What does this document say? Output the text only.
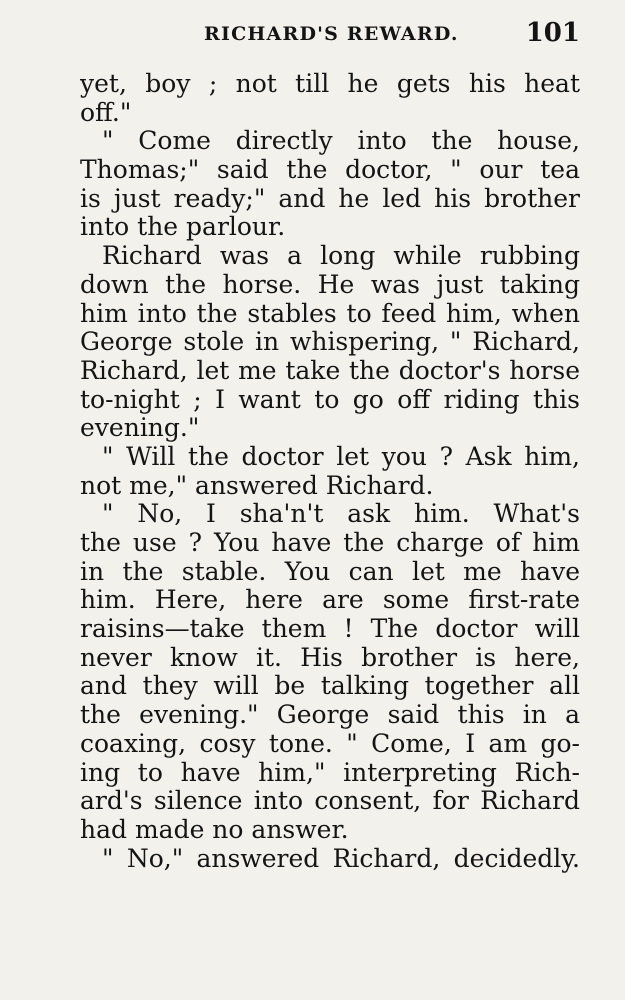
RICHARD'S REWARD.	101
yet, boy ; not till he gets his heat
off."
" Come directly into the house,
Thomas;" said the doctor, " our tea
is just ready;" and he led his brother
into the parlour.
Richard was a long while rubbing
down the horse. He was just taking
him into the stables to feed him, when
George stole in whispering, " Richard,
Richard, let me take the doctor's horse
to-night ; I want to go off riding this
evening."
" Will the doctor let you ? Ask him,
not me," answered Richard.
" No, I sha'n't ask him. What's
the use ? You have the charge of him
in the stable. You can let me have
him. Here, here are some first-rate
raisins—take them ! The doctor will
never know it. His brother is here,
and they will be talking together all
the evening." George said this in a
coaxing, cosy tone. " Come, I am go-
ing to have him," interpreting Rich-
ard's silence into consent, for Richard
had made no answer.
" No," answered Richard, decidedly.
